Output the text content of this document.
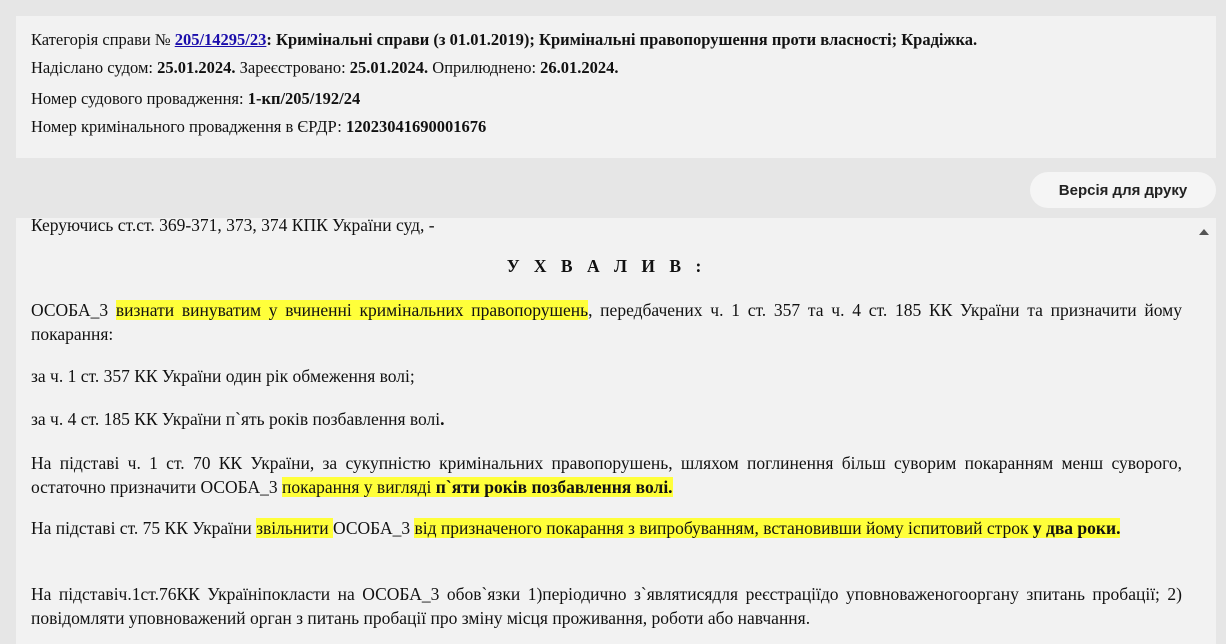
Категорія справи № 205/14295/23: Кримінальні справи (з 01.01.2019); Кримінальні правопорушення проти власності; Крадіжка.
Надіслано судом: 25.01.2024. Зареєстровано: 25.01.2024. Оприлюднено: 26.01.2024.
Номер судового провадження: 1-кп/205/192/24
Номер кримінального провадження в ЄРДР: 12023041690001676
Версія для друку
Керуючись ст.ст. 369-371, 373, 374 КПК України суд, -
У Х В А Л И В :
ОСОБА_3 визнати винуватим у вчиненні кримінальних правопорушень, передбачених ч. 1 ст. 357 та ч. 4 ст. 185 КК України та призначити йому покарання:
за ч. 1 ст. 357 КК України один рік обмеження волі;
за ч. 4 ст. 185 КК України п`ять років позбавлення волі.
На підставі ч. 1 ст. 70 КК України, за сукупністю кримінальних правопорушень, шляхом поглинення більш суворим покаранням менш суворого, остаточно призначити ОСОБА_3 покарання у вигляді п`яти років позбавлення волі.
На підставі ст. 75 КК України звільнити ОСОБА_3 від призначеного покарання з випробуванням, встановивши йому іспитовий строк у два роки.
На підставіч.1ст.76КК Україніпокласти на ОСОБА_3 обов`язки 1)періодично з`являтисядля реєстраціїдо уповноваженогооргану зпитань пробації; 2) повідомляти уповноважений орган з питань пробації про зміну місця проживання, роботи або навчання.
